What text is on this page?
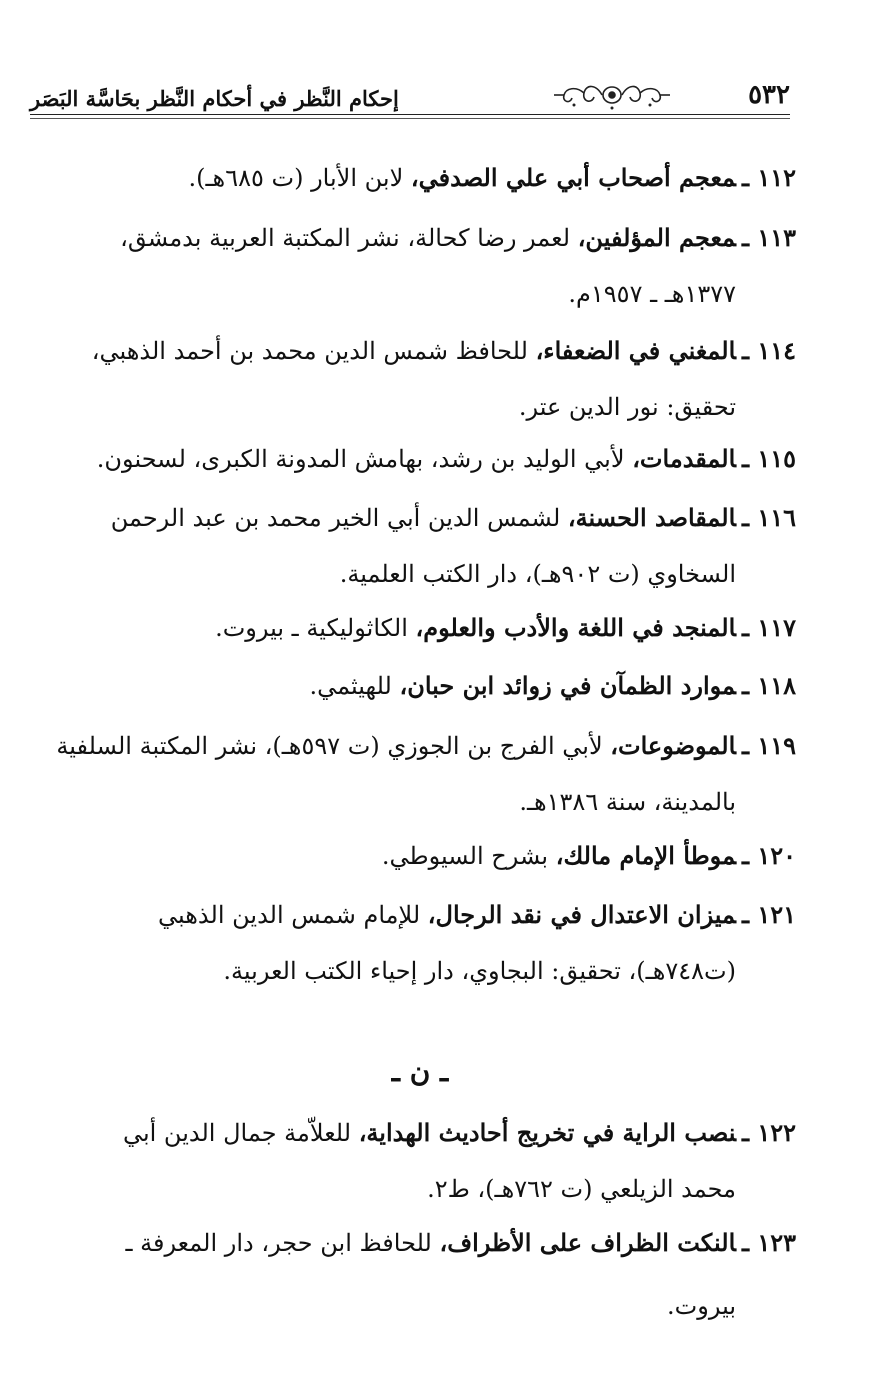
٥٣٢
إحكام النَّظر في أحكام النَّظر بحَاسَّة البَصَر
١١٢ ـمعجم أصحاب أبي علي الصدفي، لابن الأبار (ت ٦٨٥هـ).
١١٣ ـمعجم المؤلفين، لعمر رضا كحالة، نشر المكتبة العربية بدمشق،
١٣٧٧هـ ـ ١٩٥٧م.
١١٤ ـالمغني في الضعفاء، للحافظ شمس الدين محمد بن أحمد الذهبي،
تحقيق: نور الدين عتر.
١١٥ ـالمقدمات، لأبي الوليد بن رشد، بهامش المدونة الكبرى، لسحنون.
١١٦ ـالمقاصد الحسنة، لشمس الدين أبي الخير محمد بن عبد الرحمن
السخاوي (ت ٩٠٢هـ)، دار الكتب العلمية.
١١٧ ـالمنجد في اللغة والأدب والعلوم، الكاثوليكية ـ بيروت.
١١٨ ـموارد الظمآن في زوائد ابن حبان، للهيثمي.
١١٩ ـالموضوعات، لأبي الفرج بن الجوزي (ت ٥٩٧هـ)، نشر المكتبة السلفية
بالمدينة، سنة ١٣٨٦هـ.
١٢٠ ـموطأ الإمام مالك، بشرح السيوطي.
١٢١ ـميزان الاعتدال في نقد الرجال، للإمام شمس الدين الذهبي
(ت٧٤٨هـ)، تحقيق: البجاوي، دار إحياء الكتب العربية.
ـ ن ـ
١٢٢ ـنصب الراية في تخريج أحاديث الهداية، للعلاّمة جمال الدين أبي
محمد الزيلعي (ت ٧٦٢هـ)، ط٢.
١٢٣ ـالنكت الظراف على الأظراف، للحافظ ابن حجر، دار المعرفة ـ
بيروت.
